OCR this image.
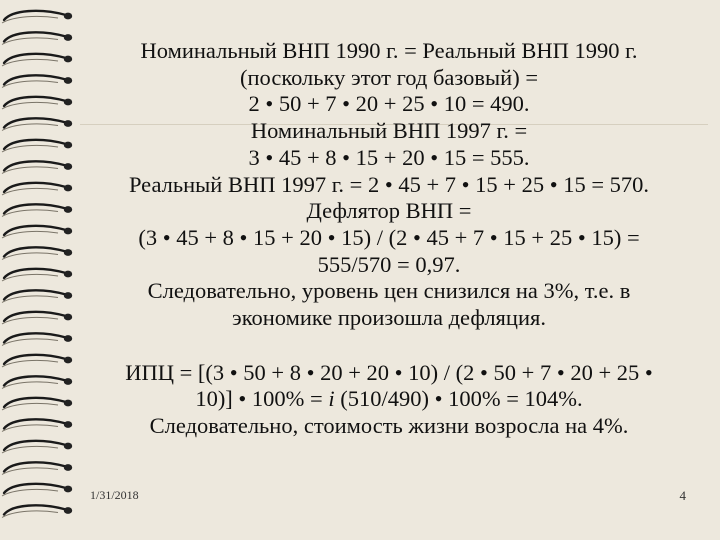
Номинальный ВНП 1990 г. = Реальный ВНП 1990 г.
(поскольку этот год базовый) =
2 • 50 + 7 • 20 + 25 • 10 = 490.
Номинальный ВНП 1997 г. =
3 • 45 + 8 • 15 + 20 • 15 = 555.
Реальный ВНП 1997 г. = 2 • 45 + 7 • 15 + 25 • 15 = 570.
Дефлятор ВНП =
(3 • 45 + 8 • 15 + 20 • 15) / (2 • 45 + 7 • 15 + 25 • 15) =
555/570 = 0,97.
Следовательно, уровень цен снизился на 3%, т.е. в
экономике произошла дефляция.
ИПЦ = [(3 • 50 + 8 • 20 + 20 • 10) / (2 • 50 + 7 • 20 + 25 •
10)] • 100% = i (510/490) • 100% = 104%.
Следовательно, стоимость жизни возросла на 4%.
1/31/2018	4
